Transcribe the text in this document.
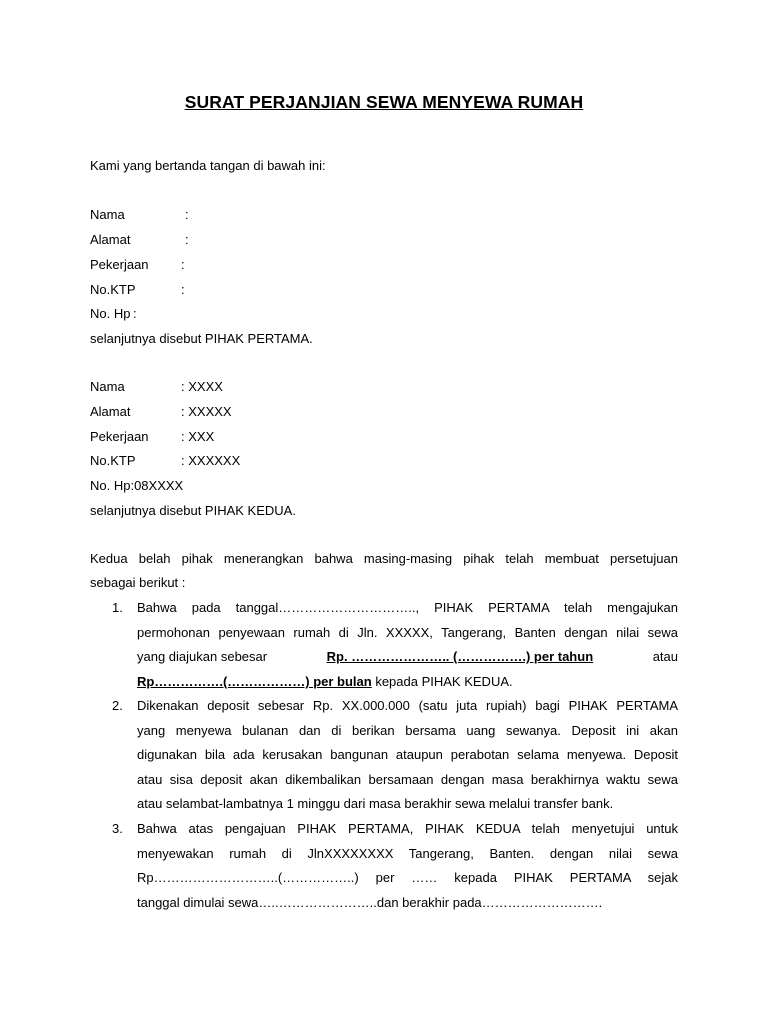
SURAT PERJANJIAN SEWA MENYEWA RUMAH
Kami yang bertanda tangan di bawah ini:
Nama	:
Alamat	:
Pekerjaan :
No.KTP	:
No. Hp :
selanjutnya disebut PIHAK PERTAMA.
Nama	: XXXX
Alamat	: XXXXX
Pekerjaan : XXX
No.KTP	: XXXXXX
No. Hp:08XXXX
selanjutnya disebut PIHAK KEDUA.
Kedua belah pihak menerangkan bahwa masing-masing pihak telah membuat persetujuan
sebagai berikut :
1. Bahwa pada tanggal………………………….., PIHAK PERTAMA telah mengajukan
permohonan penyewaan rumah di Jln. XXXXX, Tangerang, Banten dengan nilai sewa
yang diajukan sebesar	Rp. ………………….. (…………….) per tahun	atau
Rp…………….(………………) per bulan kepada PIHAK KEDUA.
2. Dikenakan deposit sebesar Rp. XX.000.000 (satu juta rupiah) bagi PIHAK PERTAMA
yang menyewa bulanan dan di berikan bersama uang sewanya. Deposit ini akan
digunakan bila ada kerusakan bangunan ataupun perabotan selama menyewa. Deposit
atau sisa deposit akan dikembalikan bersamaan dengan masa berakhirnya waktu sewa
atau selambat-lambatnya 1 minggu dari masa berakhir sewa melalui transfer bank.
3. Bahwa atas pengajuan PIHAK PERTAMA, PIHAK KEDUA telah menyetujui untuk
menyewakan rumah di JlnXXXXXXXX Tangerang, Banten. dengan nilai sewa
Rp………………………..(……………..) per …… kepada PIHAK PERTAMA sejak
tanggal dimulai sewa…..…………………..dan berakhir pada……………………….
